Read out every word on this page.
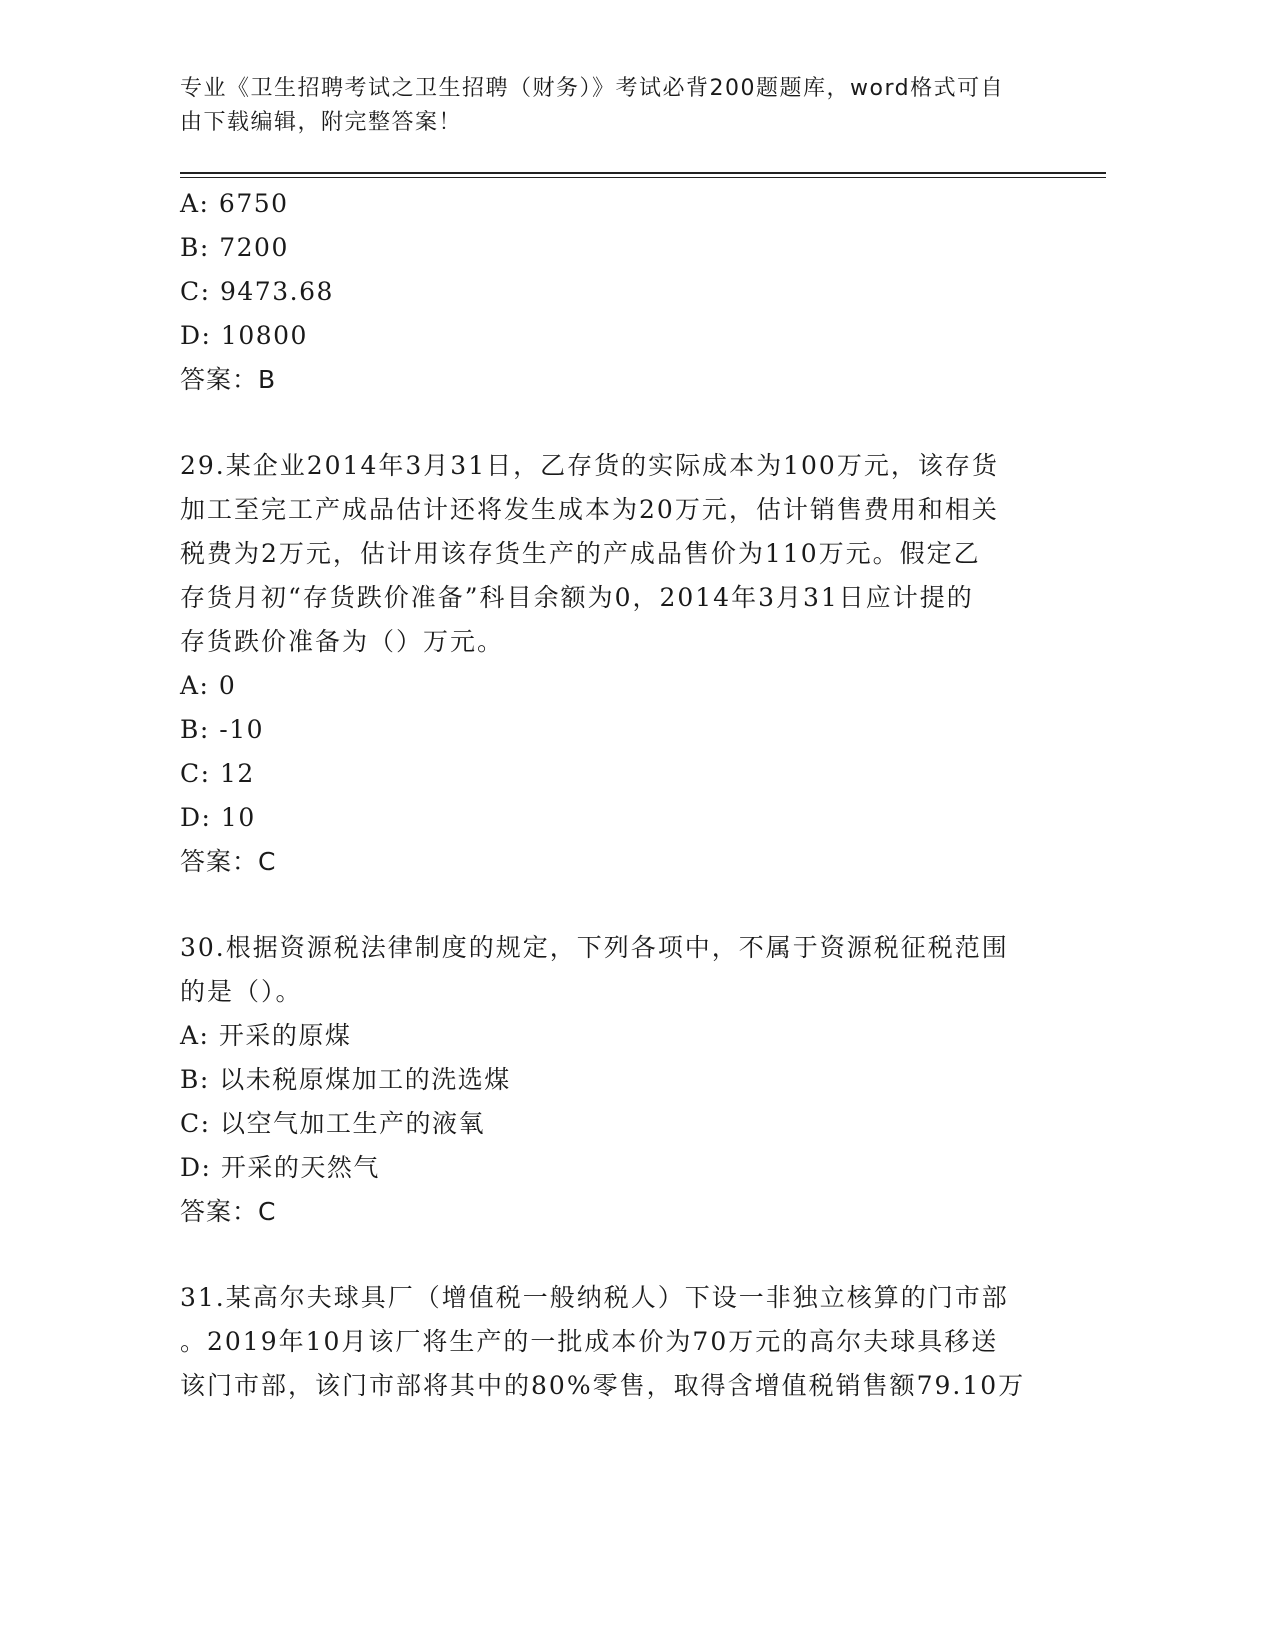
专业《卫生招聘考试之卫生招聘（财务）》考试必背200题题库，word格式可自
由下载编辑，附完整答案！
A: 6750
B: 7200
C: 9473.68
D: 10800
答案：B
29.某企业2014年3月31日，乙存货的实际成本为100万元，该存货
加工至完工产成品估计还将发生成本为20万元，估计销售费用和相关
税费为2万元，估计用该存货生产的产成品售价为110万元。假定乙
存货月初“存货跌价准备”科目余额为0，2014年3月31日应计提的
存货跌价准备为（）万元。
A: 0
B: -10
C: 12
D: 10
答案：C
30.根据资源税法律制度的规定，下列各项中，不属于资源税征税范围
的是（）。
A: 开采的原煤
B: 以未税原煤加工的洗选煤
C: 以空气加工生产的液氧
D: 开采的天然气
答案：C
31.某高尔夫球具厂（增值税一般纳税人）下设一非独立核算的门市部
。2019年10月该厂将生产的一批成本价为70万元的高尔夫球具移送
该门市部，该门市部将其中的80%零售，取得含增值税销售额79.10万
